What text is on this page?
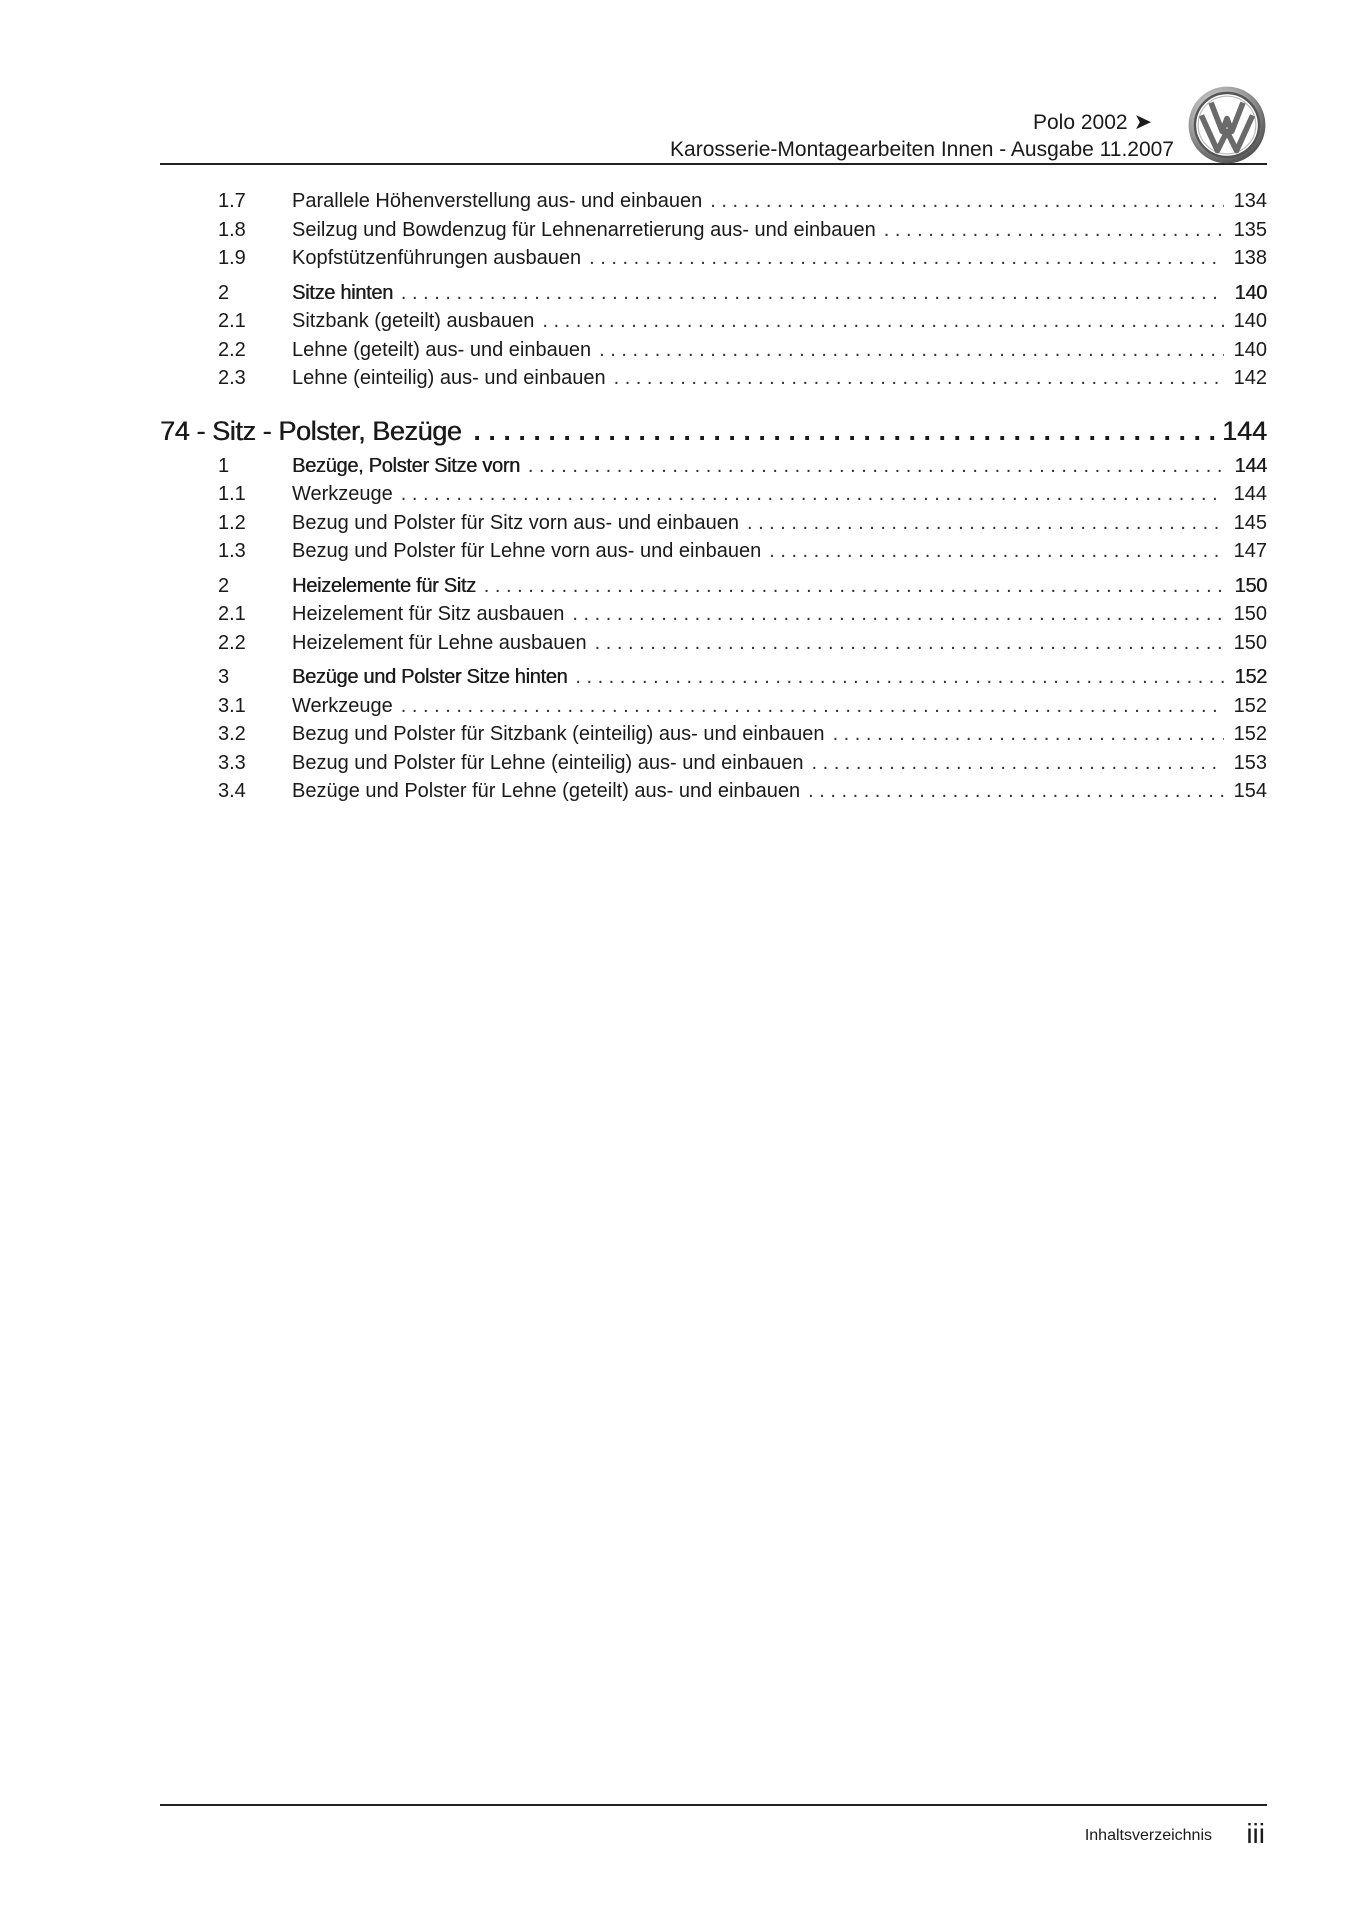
Polo 2002 ➤
Karosserie-Montagearbeiten Innen - Ausgabe 11.2007
1.7	Parallele Höhenverstellung aus- und einbauen . . .	134
1.8	Seilzug und Bowdenzug für Lehnenarretierung aus- und einbauen . . .	135
1.9	Kopfstützenführungen ausbauen . . .	138
2	Sitze hinten . . .	140
2.1	Sitzbank (geteilt) ausbauen . . .	140
2.2	Lehne (geteilt) aus- und einbauen . . .	140
2.3	Lehne (einteilig) aus- und einbauen . . .	142
74 - Sitz - Polster, Bezüge . . .	144
1	Bezüge, Polster Sitze vorn . . .	144
1.1	Werkzeuge . . .	144
1.2	Bezug und Polster für Sitz vorn aus- und einbauen . . .	145
1.3	Bezug und Polster für Lehne vorn aus- und einbauen . . .	147
2	Heizelemente für Sitz . . .	150
2.1	Heizelement für Sitz ausbauen . . .	150
2.2	Heizelement für Lehne ausbauen . . .	150
3	Bezüge und Polster Sitze hinten . . .	152
3.1	Werkzeuge . . .	152
3.2	Bezug und Polster für Sitzbank (einteilig) aus- und einbauen . . .	152
3.3	Bezug und Polster für Lehne (einteilig) aus- und einbauen . . .	153
3.4	Bezüge und Polster für Lehne (geteilt) aus- und einbauen . . .	154
Inhaltsverzeichnis iii
